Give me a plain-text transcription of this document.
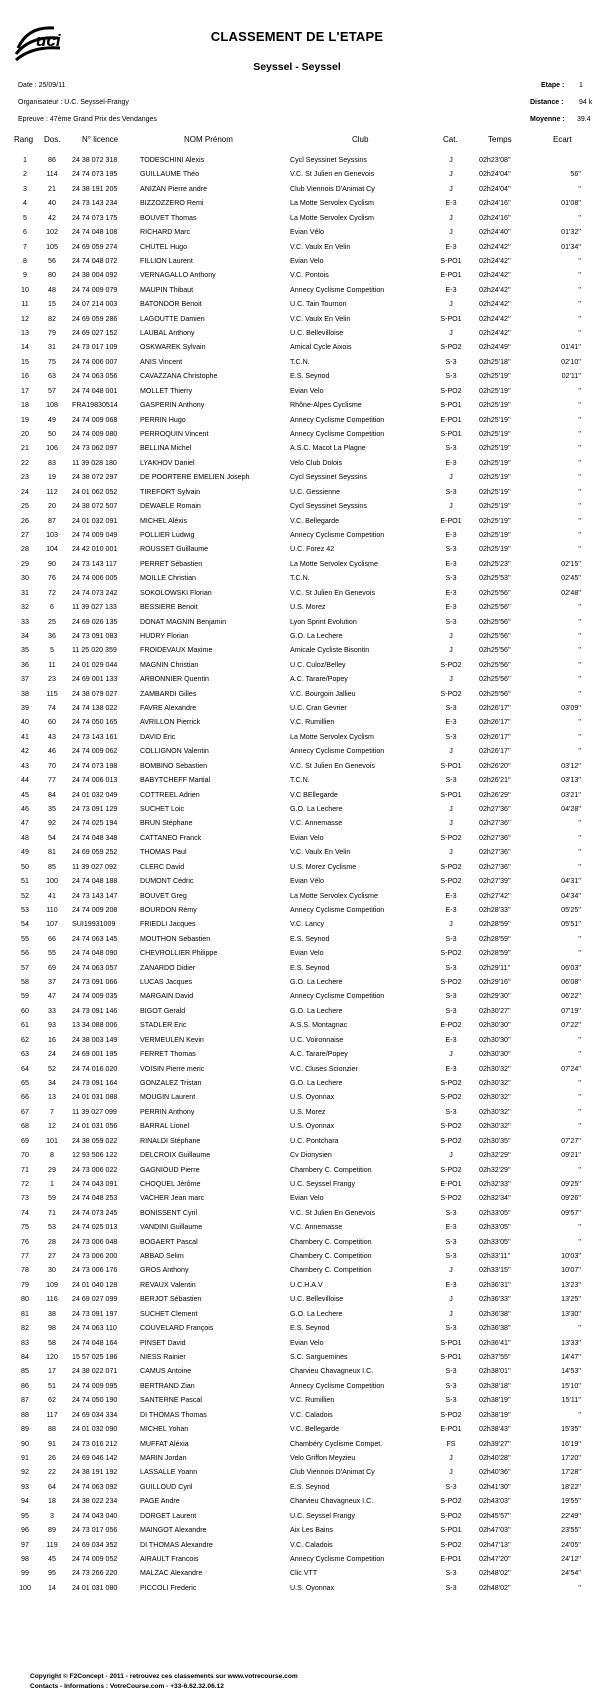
uci	CLASSEMENT DE L'ETAPE
Seyssel - Seyssel
Date : 25/09/11
Organisateur : U.C. Seyssel-Frangy
Epreuve : 47ème Grand Prix des Vendanges
Etape : 1
Distance : 94 k
Moyenne : 39.4
Rang Dos.	N° licence	NOM Prénom	Club	Cat.	Temps	Ecart
1	86	24 38 072 318	TODESCHINI Alexis	Cycl Seyssinet Seyssins	J	02h23'08''
2	114	24 74 073 195	GUILLAUME Théo	V.C. St Julien en Genevois	J	02h24'04''	56''
3	21	24 38 191 205	ANIZAN Pierre andre	Club Viennois D'Animat Cy	J	02h24'04''	''
4	40	24 73 143 234	BIZZOZZERO Remi	La Motte Servolex Cyclism	E-3	02h24'16''	01'08''
5	42	24 74 073 175	BOUVET Thomas	La Motte Servolex Cyclism	J	02h24'16''	''
6	102	24 74 048 108	RICHARD Marc	Evian Vélo	J	02h24'40''	01'32''
7	105	24 69 059 274	CHUTEL Hugo	V.C. Vaulx En Velin	E-3	02h24'42''	01'34''
8	56	24 74 048 072	FILLION Laurent	Evian Velo	S-PO1	02h24'42''	''
9	80	24 38 004 092	VERNAGALLO Anthony	V.C. Pontois	E-PO1	02h24'42''	''
10	48	24 74 009 079	MAUPIN Thibaut	Annecy Cyclisme Competition	E-3	02h24'42''	''
11	15	24 07 214 003	BATONDOR Benoit	U.C. Tain Tournon	J	02h24'42''	''
12	82	24 69 059 286	LAGOUTTE Damien	V.C. Vaulx En Velin	S-PO1	02h24'42''	''
13	79	24 69 027 152	LAUBAL Anthony	U.C. Bellevilloise	J	02h24'42''	''
14	31	24 73 017 109	OSKWAREK Sylvain	Amical Cycle Aixois	S-PO2	02h24'49''	01'41''
15	75	24 74 006 007	ANIS Vincent	T.C.N.	S-3	02h25'18''	02'10''
16	63	24 74 063 056	CAVAZZANA Christophe	E.S. Seynod	S-3	02h25'19''	02'11''
17	57	24 74 048 001	MOLLET Thierry	Evian Velo	S-PO2	02h25'19''	''
18	108	FRA19830514	GASPERIN Anthony	Rhône-Alpes Cyclisme	S-PO1	02h25'19''	''
19	49	24 74 009 068	PERRIN Hugo	Annecy Cyclisme Competition	E-PO1	02h25'19''	''
20	50	24 74 009 080	PERROQUIN Vincent	Annecy Cyclisme Competition	S-PO1	02h25'19''	''
21	106	24 73 062 097	BELLINA Michel	A.S.C. Macot La Plagne	S-3	02h25'19''	''
22	83	11 39 028 180	LYAKHOV Daniel	Velo Club Dolois	E-3	02h25'19''	''
23	19	24 38 072 297	DE POORTERE EMELIEN Joseph	Cycl Seyssinet Seyssins	J	02h25'19''	''
24	112	24 01 062 052	TIREFORT Sylvain	U.C. Gessienne	S-3	02h25'19''	''
25	20	24 38 072 507	DEWAELE Romain	Cycl Seyssinet Seyssins	J	02h25'19''	''
26	87	24 01 032 091	MICHEL Aléxis	V.C. Bellegarde	E-PO1	02h25'19''	''
27	103	24 74 009 049	POLLIER Ludwig	Annecy Cyclisme Competition	E-3	02h25'19''	''
28	104	24 42 010 001	ROUSSET Guillaume	U.C. Forez 42	S-3	02h25'19''	''
29	90	24 73 143 117	PERRET Sébastien	La Motte Servolex Cyclisme	E-3	02h25'23''	02'15''
30	76	24 74 006 005	MOILLE Christian	T.C.N.	S-3	02h25'53''	02'45''
31	72	24 74 073 242	SOKOLOWSKI Florian	V.C. St Julien En Genevois	E-3	02h25'56''	02'48''
32	6	11 39 027 133	BESSIERE Benoit	U.S. Morez	E-3	02h25'56''	''
33	25	24 69 026 135	DONAT MAGNIN Benjamin	Lyon Sprint Evolution	S-3	02h25'56''	''
34	36	24 73 091 083	HUDRY Florian	G.O. La Lechere	J	02h25'56''	''
35	5	11 25 020 359	FROIDEVAUX Maxime	Amicale Cycliste Bisontin	J	02h25'56''	''
36	11	24 01 029 044	MAGNIN Christian	U.C. Culoz/Belley	S-PO2	02h25'56''	''
37	23	24 69 001 133	ARBONNIER Quentin	A.C. Tarare/Popey	J	02h25'56''	''
38	115	24 38 079 027	ZAMBARDI Gilles	V.C. Bourgoin Jallieu	S-PO2	02h25'56''	''
39	74	24 74 138 022	FAVRE Alexandre	U.C. Cran Gevrier	S-3	02h26'17''	03'09''
40	60	24 74 050 165	AVRILLON Pierrick	V.C. Rumillien	E-3	02h26'17''	''
41	43	24 73 143 161	DAVID Eric	La Motte Servolex Cyclism	S-3	02h26'17''	''
42	46	24 74 009 062	COLLIGNON Valentin	Annecy Cyclisme Competition	J	02h26'17''	''
43	70	24 74 073 198	BOMBINO Sebastien	V.C. St Julien En Genevois	S-PO1	02h26'20''	03'12''
44	77	24 74 006 013	BABYTCHEFF Martial	T.C.N.	S-3	02h26'21''	03'13''
45	84	24 01 032 049	COTTREEL Adrien	V.C BEllegarde	S-PO1	02h26'29''	03'21''
46	35	24 73 091 129	SUCHET Loic	G.O. La Lechere	J	02h27'36''	04'28''
47	92	24 74 025 194	BRUN Stéphane	V.C. Annemasse	J	02h27'36''	''
48	54	24 74 048 348	CATTANEO Franck	Evian Velo	S-PO2	02h27'36''	''
49	81	24 69 059 252	THOMAS Paul	V.C. Vaulx En Velin	J	02h27'36''	''
50	85	11 39 027 092	CLERC David	U.S. Morez Cyclisme	S-PO2	02h27'36''	''
51	100	24 74 048 188	DUMONT Cédric	Evian Vélo	S-PO2	02h27'39''	04'31''
52	41	24 73 143 147	BOUVET Greg	La Motte Servolex Cyclisme	E-3	02h27'42''	04'34''
53	110	24 74 009 208	BOURDON Rémy	Annecy Cyclisme Competition	E-3	02h28'33''	05'25''
54	107	SUI19931009	FRIEDLI Jacques	V.C. Lancy	J	02h28'59''	05'51''
55	66	24 74 063 145	MOUTHON Sebastien	E.S. Seynod	S-3	02h28'59''	''
56	55	24 74 048 090	CHEVROLLIER Philippe	Evian Velo	S-PO2	02h28'59''	''
57	69	24 74 063 057	ZANARDO Didier	E.S. Seynod	S-3	02h29'11''	06'03''
58	37	24 73 091 066	LUCAS Jacques	G.O. La Lechere	S-PO2	02h29'16''	06'08''
59	47	24 74 009 035	MARGAIN David	Annecy Cyclisme Competition	S-3	02h29'30''	06'22''
60	33	24 73 091 146	BIGOT Gerald	G.O. La Lechere	S-3	02h30'27''	07'19''
61	93	13 34 088 006	STADLER Eric	A.S.S. Montagnac	E-PO2	02h30'30''	07'22''
62	16	24 38 003 149	VERMEULEN Kevin	U.C. Voironnaise	E-3	02h30'30''	''
63	24	24 69 001 195	FERRET Thomas	A.C. Tarare/Popey	J	02h30'30''	''
64	52	24 74 016 020	VOISIN Pierre meric	V.C. Cluses Scionzier	E-3	02h30'32''	07'24''
65	34	24 73 091 164	GONZALEZ Tristan	G.O. La Lechere	S-PO2	02h30'32''	''
66	13	24 01 031 088	MOUGIN Laurent	U.S. Oyonnax	S-PO2	02h30'32''	''
67	7	11 39 027 099	PERRIN Anthony	U.S. Morez	S-3	02h30'32''	''
68	12	24 01 031 056	BARRAL Lionel	U.S. Oyonnax	S-PO2	02h30'32''	''
69	101	24 38 059 022	RINALDI Stéphane	U.C. Pontchara	S-PO2	02h30'35''	07'27''
70	8	12 93 506 122	DELCROIX Guillaume	Cv Dionysien	J	02h32'29''	09'21''
71	29	24 73 006 022	GAGNIOUD Pierre	Chambery C. Competition	S-PO2	02h32'29''	''
72	1	24 74 043 091	CHOQUEL Jérôme	U.C. Seyssel Frangy	E-PO1	02h32'33''	09'25''
73	59	24 74 048 253	VACHER Jean marc	Evian Velo	S-PO2	02h32'34''	09'26''
74	71	24 74 073 245	BONISSENT Cyril	V.C. St Julien En Genevois	S-3	02h33'05''	09'57''
75	53	24 74 025 013	VANDINI Guillaume	V.C. Annemasse	E-3	02h33'05''	''
76	28	24 73 006 048	BOGAERT Pascal	Chambery C. Competition	S-3	02h33'05''	''
77	27	24 73 006 200	ABBAD Selim	Chambery C. Competition	S-3	02h33'11''	10'03''
78	30	24 73 006 176	GROS Anthony	Chambery C. Competition	J	02h33'15''	10'07''
79	109	24 01 040 128	REVAUX Valentin	U.C.H.A.V	E-3	02h36'31''	13'23''
80	116	24 69 027 099	BERJOT Sébastien	U.C. Bellevilloise	J	02h36'33''	13'25''
81	38	24 73 091 197	SUCHET Clement	G.O. La Lechere	J	02h36'38''	13'30''
82	98	24 74 063 110	COUVELARD François	E.S. Seynod	S-3	02h36'38''	''
83	58	24 74 048 164	PINSET David	Evian Velo	S-PO1	02h36'41''	13'33''
84	120	15 57 025 186	NIESS Rainier	S.C. Sarguemines	S-PO1	02h37'55''	14'47''
85	17	24 38 022 071	CAMUS Antoine	Charvieu Chavagneux I.C.	S-3	02h38'01''	14'53''
86	51	24 74 009 095	BERTRAND Zian	Annecy Cyclisme Competition	S-3	02h38'18''	15'10''
87	62	24 74 050 190	SANTERNE Pascal	V.C. Rumillien	S-3	02h38'19''	15'11''
88	117	24 69 034 334	DI THOMAS Thomas	V.C. Caladois	S-PO2	02h38'19''	''
89	88	24 01 032 090	MICHEL Yohan	V.C. Bellegarde	E-PO1	02h38'43''	15'35''
90	91	24 73 016 212	MUFFAT Aléxia	Chambéry Cyclisme Compet.	FS	02h39'27''	16'19''
91	26	24 69 046 142	MARIN Jordan	Velo Griffon Meyzieu	J	02h40'28''	17'20''
92	22	24 38 191 192	LASSALLE Yoann	Club Viennois D'Animat Cy	J	02h40'36''	17'28''
93	64	24 74 063 092	GUILLOUD Cyril	E.S. Seynod	S-3	02h41'30''	18'22''
94	18	24 38 022 234	PAGE Andre	Charvieu Chavagneux I.C.	S-PO2	02h43'03''	19'55''
95	3	24 74 043 040	DORGET Laurent	U.C. Seyssel Frangy	S-PO2	02h45'57''	22'49''
96	89	24 73 017 056	MAINGOT Alexandre	Aix Les Bains	S-PO1	02h47'03''	23'55''
97	119	24 69 034 352	DI THOMAS Alexandre	V.C. Caladois	S-PO2	02h47'13''	24'05''
98	45	24 74 009 052	AIRAULT Francois	Annecy Cyclisme Competition	E-PO1	02h47'20''	24'12''
99	95	24 73 266 220	MALZAC Alexandre	Clic VTT	S-3	02h48'02''	24'54''
100	14	24 01 031 080	PICCOLI Frederic	U.S. Oyonnax	S-3	02h48'02''	''
Copyright © F2Concept - 2011 - retrouvez ces classements sur www.votrecourse.com
Contacts - Informations : VotreCourse.com - +33-6.62.32.06.12
